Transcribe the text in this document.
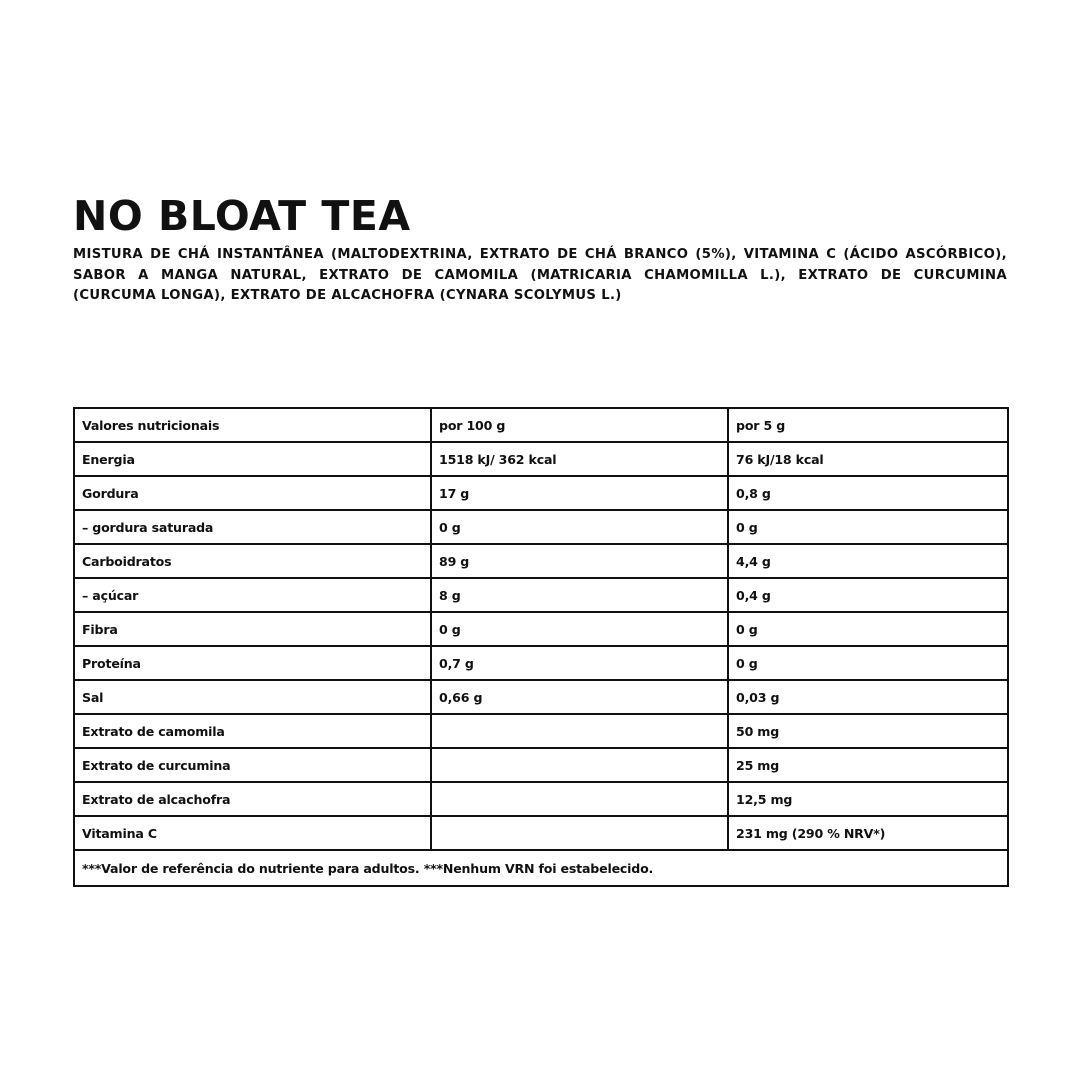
NO BLOAT TEA

MISTURA DE CHÁ INSTANTÂNEA (MALTODEXTRINA, EXTRATO DE CHÁ BRANCO (5%), VITAMINA C (ÁCIDO ASCÓRBICO), SABOR A MANGA NATURAL, EXTRATO DE CAMOMILA (MATRICARIA CHAMOMILLA L.), EXTRATO DE CURCUMINA (CURCUMA LONGA), EXTRATO DE ALCACHOFRA (CYNARA SCOLYMUS L.)

Valores nutricionais	por 100 g	por 5 g
Energia	1518 kJ/ 362 kcal	76 kJ/18 kcal
Gordura	17 g	0,8 g
– gordura saturada	0 g	0 g
Carboidratos	89 g	4,4 g
– açúcar	8 g	0,4 g
Fibra	0 g	0 g
Proteína	0,7 g	0 g
Sal	0,66 g	0,03 g
Extrato de camomila		50 mg
Extrato de curcumina		25 mg
Extrato de alcachofra		12,5 mg
Vitamina C		231 mg (290 % NRV*)
***Valor de referência do nutriente para adultos. ***Nenhum VRN foi estabelecido.		
